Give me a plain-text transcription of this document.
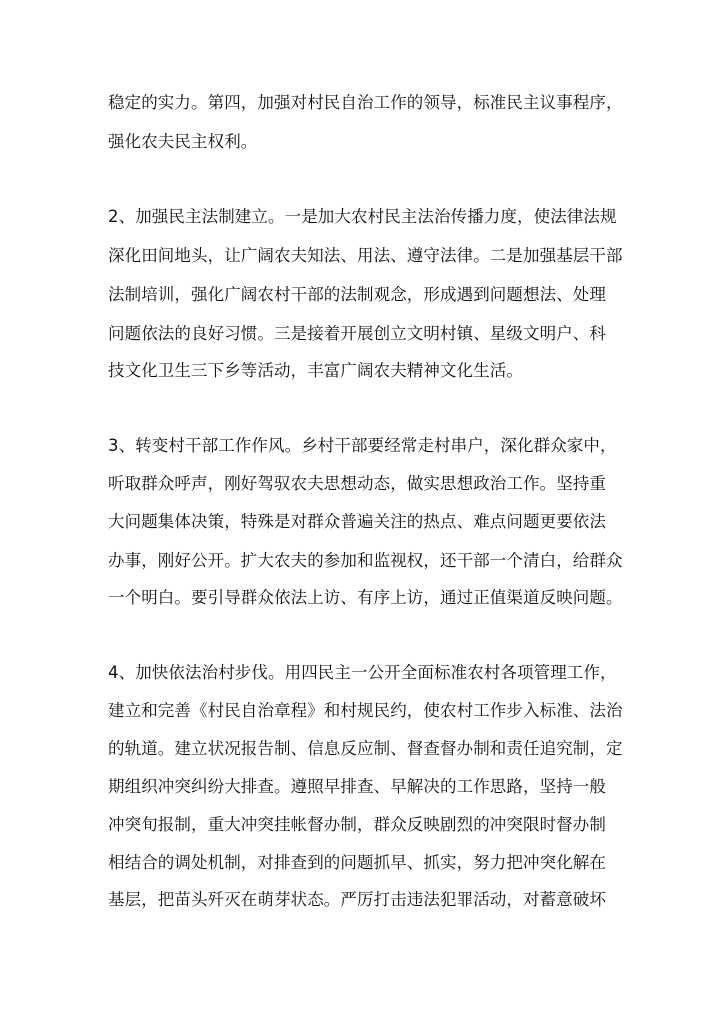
稳定的实力。第四，加强对村民自治工作的领导，标准民主议事程序，
强化农夫民主权利。
2、加强民主法制建立。一是加大农村民主法治传播力度，使法律法规
深化田间地头，让广阔农夫知法、用法、遵守法律。二是加强基层干部
法制培训，强化广阔农村干部的法制观念，形成遇到问题想法、处理
问题依法的良好习惯。三是接着开展创立文明村镇、星级文明户、科
技文化卫生三下乡等活动，丰富广阔农夫精神文化生活。
3、转变村干部工作作风。乡村干部要经常走村串户，深化群众家中，
听取群众呼声，刚好驾驭农夫思想动态，做实思想政治工作。坚持重
大问题集体决策，特殊是对群众普遍关注的热点、难点问题更要依法
办事，刚好公开。扩大农夫的参加和监视权，还干部一个清白，给群众
一个明白。要引导群众依法上访、有序上访，通过正值渠道反映问题。
4、加快依法治村步伐。用四民主一公开全面标准农村各项管理工作，
建立和完善《村民自治章程》和村规民约，使农村工作步入标准、法治
的轨道。建立状况报告制、信息反应制、督查督办制和责任追究制，定
期组织冲突纠纷大排查。遵照早排查、早解决的工作思路，坚持一般
冲突旬报制，重大冲突挂帐督办制，群众反映剧烈的冲突限时督办制
相结合的调处机制，对排查到的问题抓早、抓实，努力把冲突化解在
基层，把苗头歼灭在萌芽状态。严厉打击违法犯罪活动，对蓄意破坏
